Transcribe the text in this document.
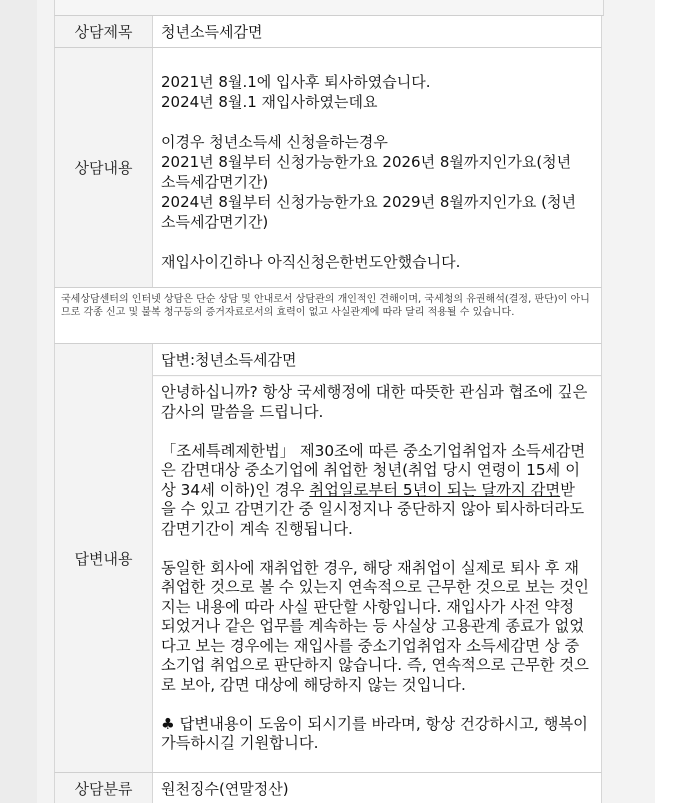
상담제목	청년소득세감면
상담내용
2021년 8월.1에 입사후 퇴사하였습니다.
2024년 8월.1 재입사하였는데요
이경우 청년소득세 신청을하는경우
2021년 8월부터 신청가능한가요 2026년 8월까지인가요(청년
소득세감면기간)
2024년 8월부터 신청가능한가요 2029년 8월까지인가요 (청년
소득세감면기간)
재입사이긴하나 아직신청은한번도안했습니다.
국세상담센터의 인터넷 상담은 단순 상담 및 안내로서 상담관의 개인적인 견해이며, 국세청의 유권해석(결정, 판단)이 아니므로 각종 신고 및 불복 청구등의 증거자료로서의 효력이 없고 사실관계에 따라 달리 적용될 수 있습니다.
답변내용
답변:청년소득세감면

안녕하십니까? 항상 국세행정에 대한 따뜻한 관심과 협조에 깊은 감사의 말씀을 드립니다.

「조세특례제한법」 제30조에 따른 중소기업취업자 소득세감면은 감면대상 중소기업에 취업한 청년(취업 당시 연령이 15세 이상 34세 이하)인 경우 취업일로부터 5년이 되는 달까지 감면받을 수 있고 감면기간 중 일시정지나 중단하지 않아 퇴사하더라도 감면기간이 계속 진행됩니다.

동일한 회사에 재취업한 경우, 해당 재취업이 실제로 퇴사 후 재취업한 것으로 볼 수 있는지 연속적으로 근무한 것으로 보는 것인지는 내용에 따라 사실 판단할 사항입니다. 재입사가 사전 약정 되었거나 같은 업무를 계속하는 등 사실상 고용관계 종료가 없었다고 보는 경우에는 재입사를 중소기업취업자 소득세감면 상 중소기업 취업으로 판단하지 않습니다. 즉, 연속적으로 근무한 것으로 보아, 감면 대상에 해당하지 않는 것입니다.

♣ 답변내용이 도움이 되시기를 바라며, 항상 건강하시고, 행복이 가득하시길 기원합니다.

상담분류	원천징수(연말정산)
